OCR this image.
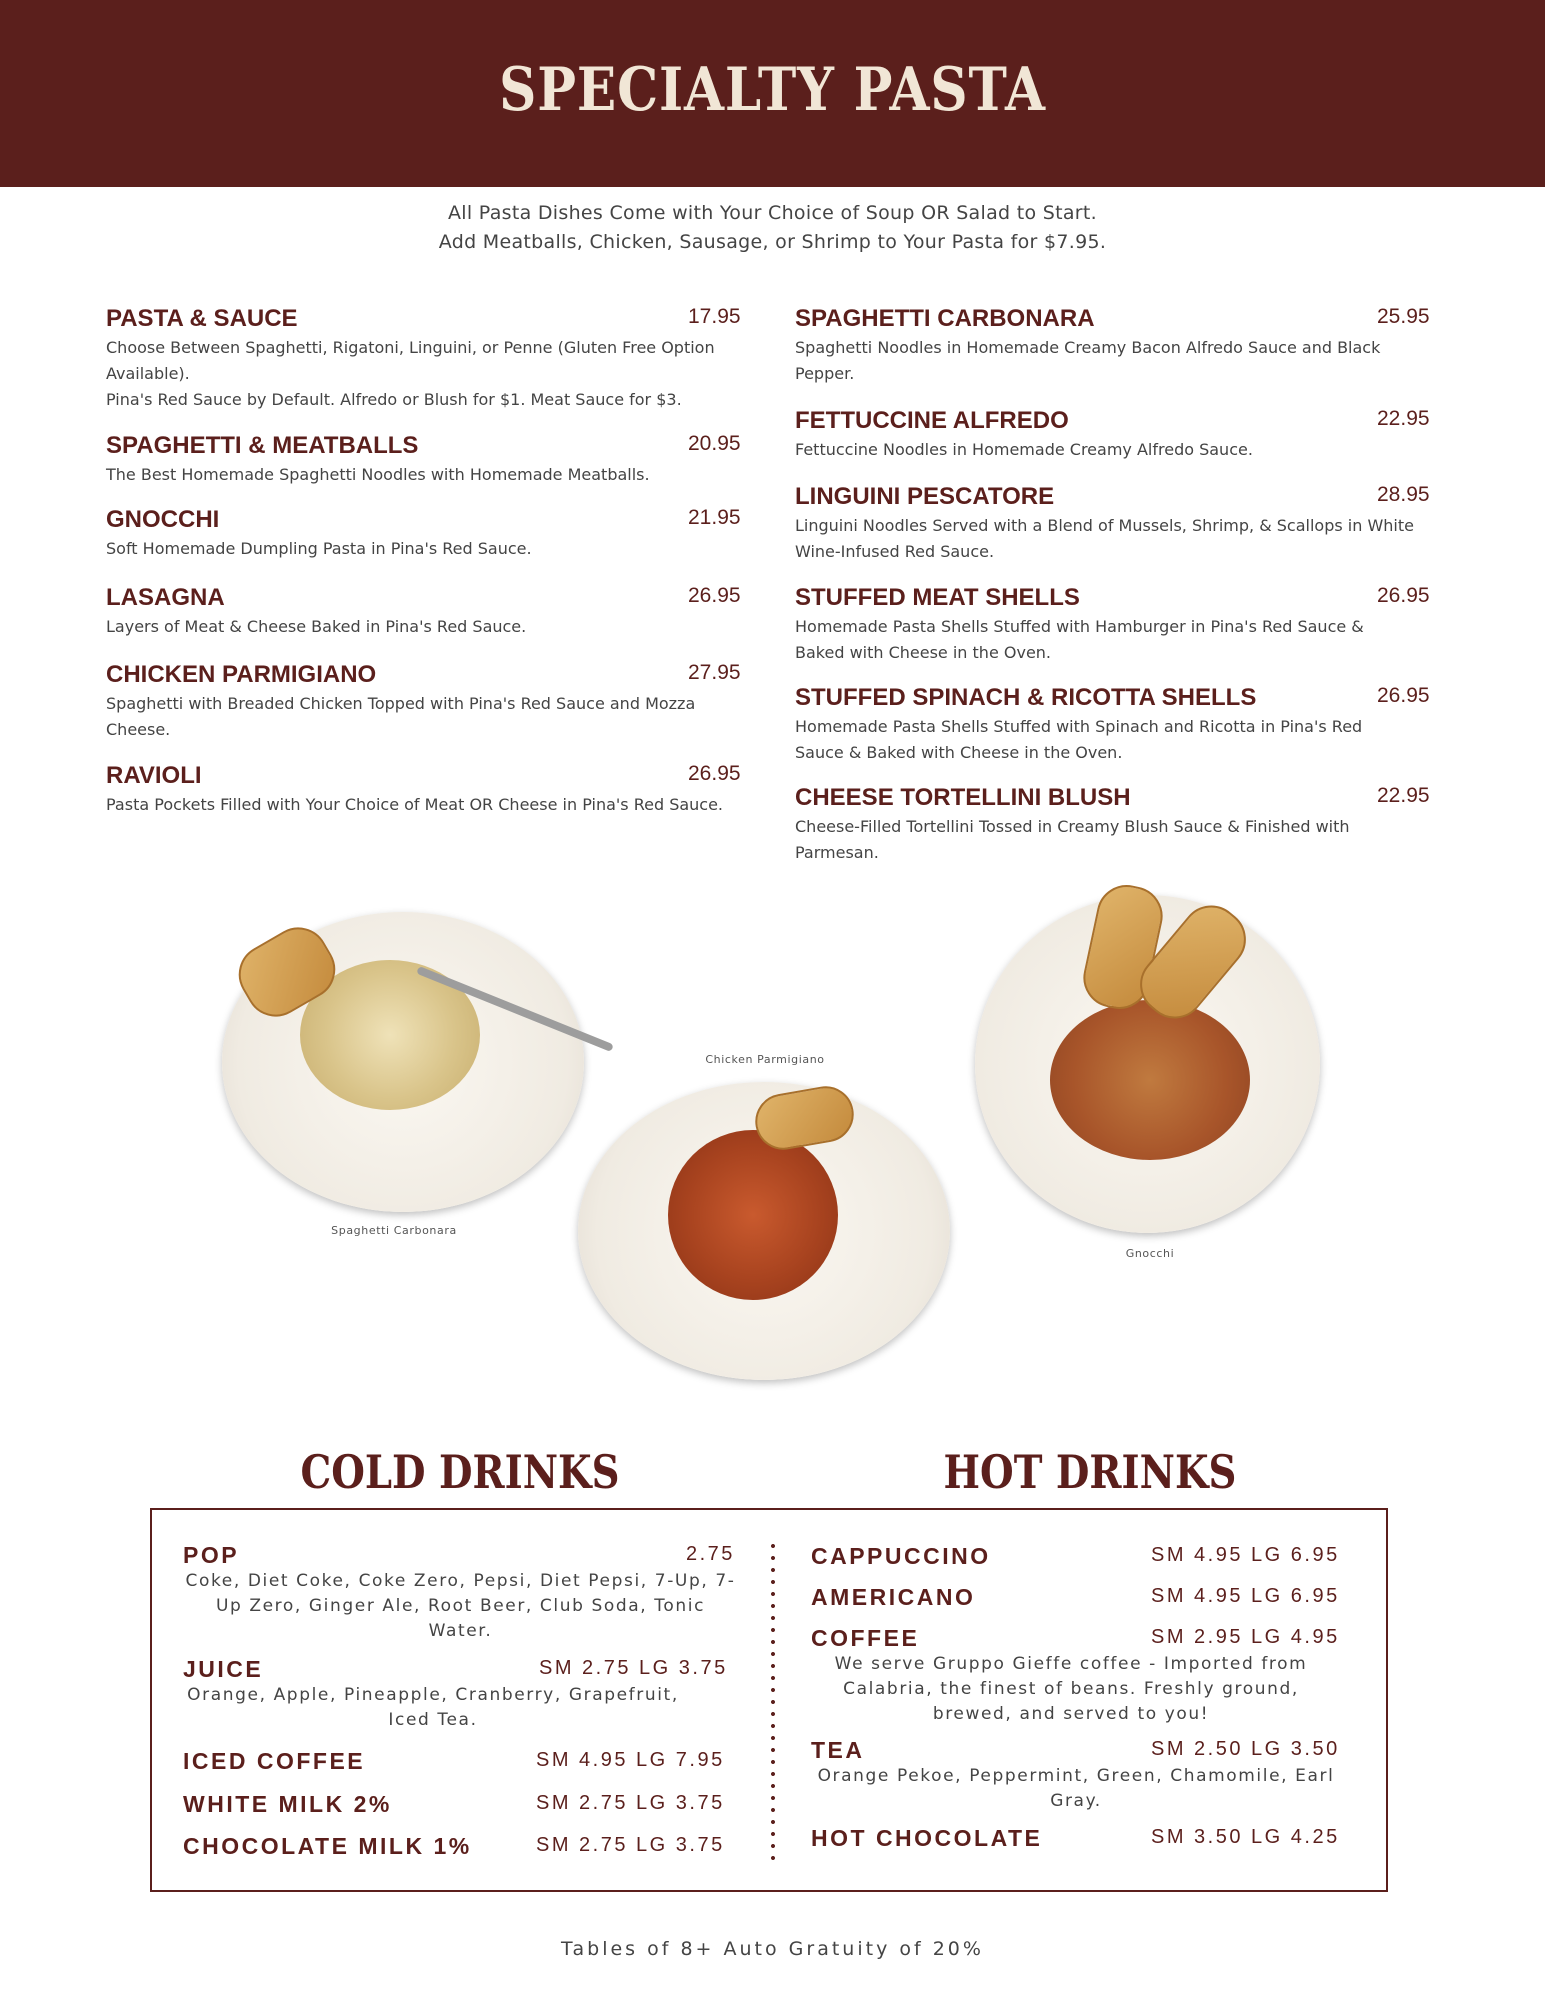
SPECIALTY PASTA
All Pasta Dishes Come with Your Choice of Soup OR Salad to Start.
Add Meatballs, Chicken, Sausage, or Shrimp to Your Pasta for $7.95.
PASTA & SAUCE	17.95
Choose Between Spaghetti, Rigatoni, Linguini, or Penne (Gluten Free Option Available).
Pina's Red Sauce by Default. Alfredo or Blush for $1. Meat Sauce for $3.
SPAGHETTI & MEATBALLS	20.95
The Best Homemade Spaghetti Noodles with Homemade Meatballs.
GNOCCHI	21.95
Soft Homemade Dumpling Pasta in Pina's Red Sauce.
LASAGNA	26.95
Layers of Meat & Cheese Baked in Pina's Red Sauce.
CHICKEN PARMIGIANO	27.95
Spaghetti with Breaded Chicken Topped with Pina's Red Sauce and Mozza Cheese.
RAVIOLI	26.95
Pasta Pockets Filled with Your Choice of Meat OR Cheese in Pina's Red Sauce.
SPAGHETTI CARBONARA	25.95
Spaghetti Noodles in Homemade Creamy Bacon Alfredo Sauce and Black Pepper.
FETTUCCINE ALFREDO	22.95
Fettuccine Noodles in Homemade Creamy Alfredo Sauce.
LINGUINI PESCATORE	28.95
Linguini Noodles Served with a Blend of Mussels, Shrimp, & Scallops in White Wine-Infused Red Sauce.
STUFFED MEAT SHELLS	26.95
Homemade Pasta Shells Stuffed with Hamburger in Pina's Red Sauce & Baked with Cheese in the Oven.
STUFFED SPINACH & RICOTTA SHELLS	26.95
Homemade Pasta Shells Stuffed with Spinach and Ricotta in Pina's Red Sauce & Baked with Cheese in the Oven.
CHEESE TORTELLINI BLUSH	22.95
Cheese-Filled Tortellini Tossed in Creamy Blush Sauce & Finished with Parmesan.
Spaghetti Carbonara
Chicken Parmigiano
Gnocchi
COLD DRINKS	HOT DRINKS
POP	2.75
Coke, Diet Coke, Coke Zero, Pepsi, Diet Pepsi, 7-Up, 7-Up Zero, Ginger Ale, Root Beer, Club Soda, Tonic Water.
JUICE	SM 2.75 LG 3.75
Orange, Apple, Pineapple, Cranberry, Grapefruit, Iced Tea.
ICED COFFEE	SM 4.95 LG 7.95
WHITE MILK 2%	SM 2.75 LG 3.75
CHOCOLATE MILK 1%	SM 2.75 LG 3.75
CAPPUCCINO	SM 4.95 LG 6.95
AMERICANO	SM 4.95 LG 6.95
COFFEE	SM 2.95 LG 4.95
We serve Gruppo Gieffe coffee - Imported from Calabria, the finest of beans. Freshly ground, brewed, and served to you!
TEA	SM 2.50 LG 3.50
Orange Pekoe, Peppermint, Green, Chamomile, Earl Gray.
HOT CHOCOLATE	SM 3.50 LG 4.25
Tables of 8+ Auto Gratuity of 20%
